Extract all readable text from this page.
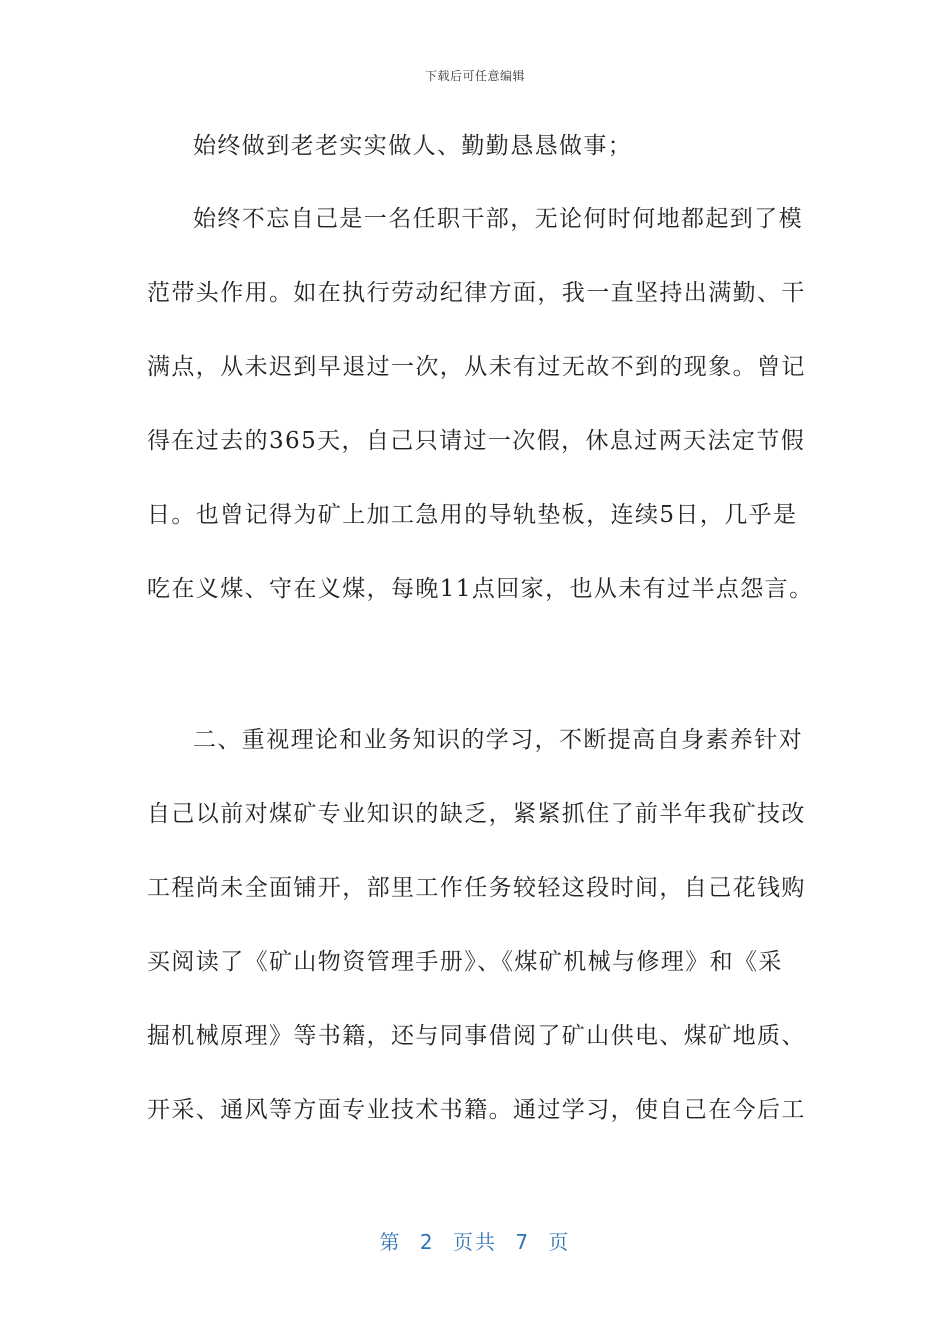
下载后可任意编辑
始终做到老老实实做人、勤勤恳恳做事；
始终不忘自己是一名任职干部，无论何时何地都起到了模
范带头作用。如在执行劳动纪律方面，我一直坚持出满勤、干
满点，从未迟到早退过一次，从未有过无故不到的现象。曾记
得在过去的365天，自己只请过一次假，休息过两天法定节假
日。也曾记得为矿上加工急用的导轨垫板，连续5日，几乎是
吃在义煤、守在义煤，每晚11点回家，也从未有过半点怨言。
二、重视理论和业务知识的学习，不断提高自身素养针对
自己以前对煤矿专业知识的缺乏，紧紧抓住了前半年我矿技改
工程尚未全面铺开，部里工作任务较轻这段时间，自己花钱购
买阅读了《矿山物资管理手册》、《煤矿机械与修理》和《采
掘机械原理》等书籍，还与同事借阅了矿山供电、煤矿地质、
开采、通风等方面专业技术书籍。通过学习，使自己在今后工
第 2 页共 7 页
